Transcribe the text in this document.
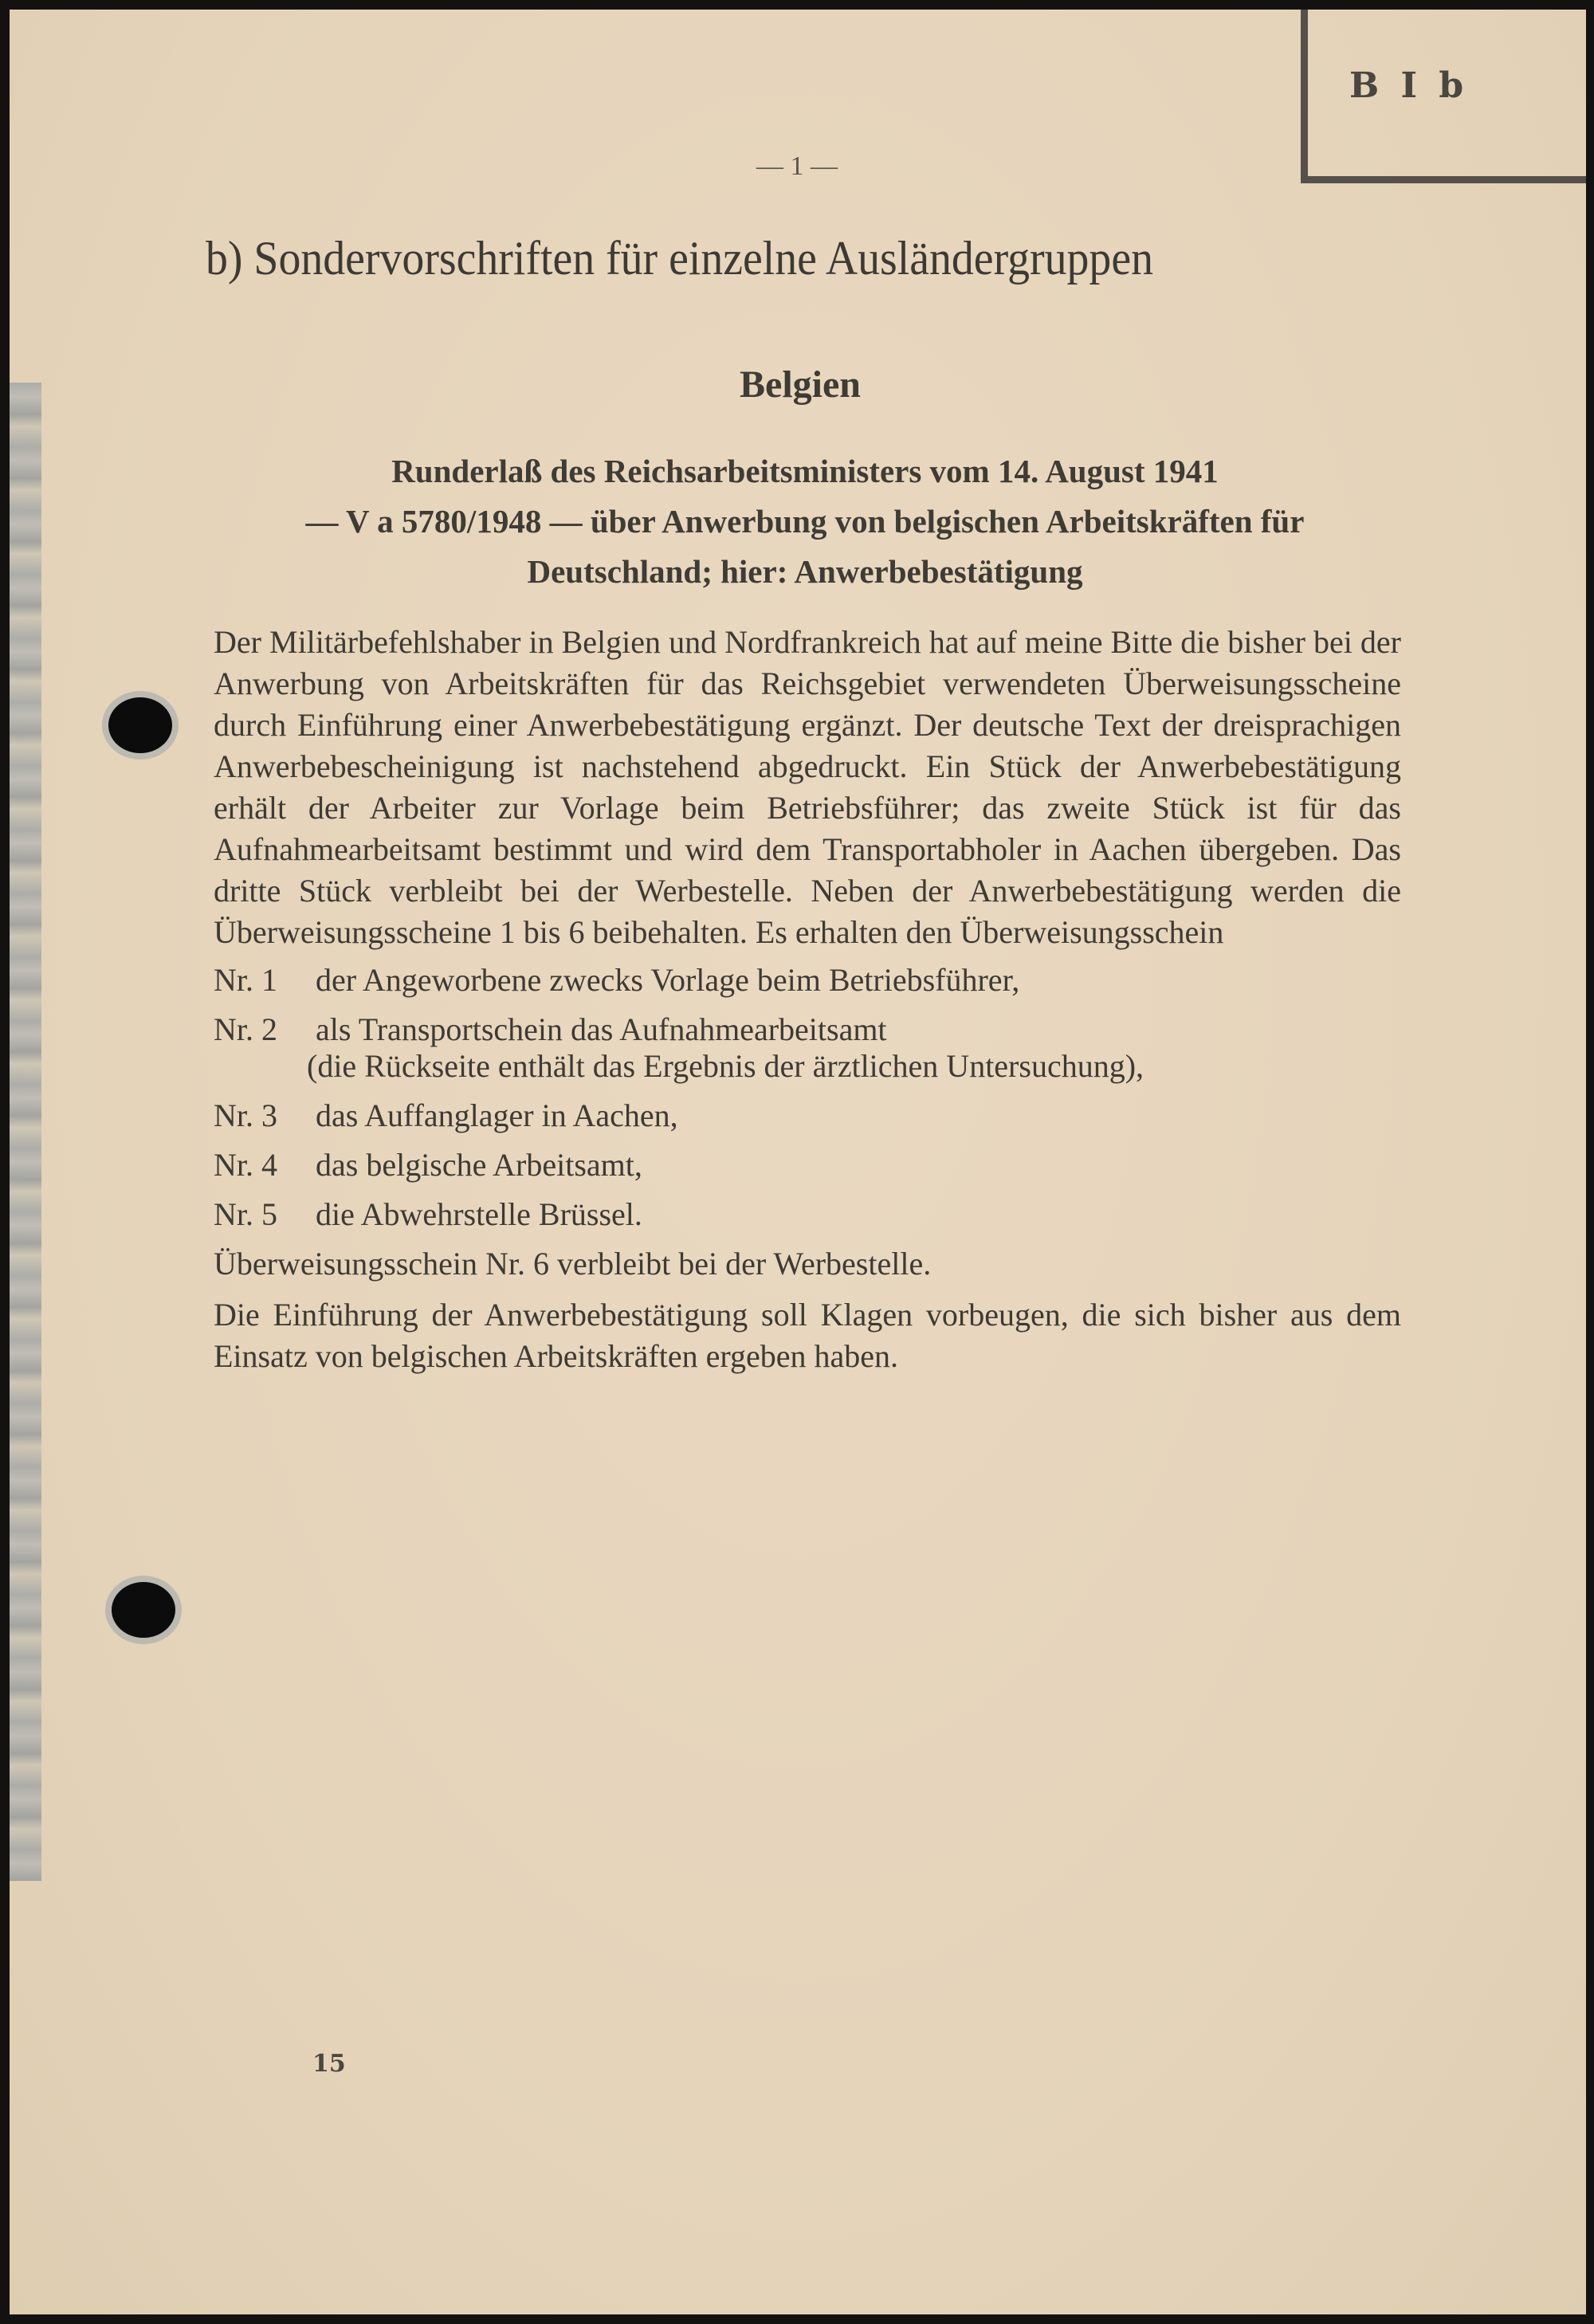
B I b
— 1 —
b) Sondervorschriften für einzelne Ausländergruppen
Belgien
Runderlaß des Reichsarbeitsministers vom 14. August 1941
— V a 5780/1948 — über Anwerbung von belgischen Arbeitskräften für
Deutschland; hier: Anwerbebestätigung

Der Militärbefehlshaber in Belgien und Nordfrankreich hat auf meine Bitte die bisher bei der Anwerbung von Arbeitskräften für das Reichsgebiet verwendeten Überweisungsscheine durch Einführung einer Anwerbebestätigung ergänzt. Der deutsche Text der dreisprachigen Anwerbebescheinigung ist nachstehend abgedruckt. Ein Stück der Anwerbebestätigung erhält der Arbeiter zur Vorlage beim Betriebsführer; das zweite Stück ist für das Aufnahmearbeitsamt bestimmt und wird dem Transportabholer in Aachen übergeben. Das dritte Stück verbleibt bei der Werbestelle. Neben der Anwerbebestätigung werden die Überweisungsscheine 1 bis 6 beibehalten. Es erhalten den Überweisungsschein

Nr. 1 der Angeworbene zwecks Vorlage beim Betriebsführer,
Nr. 2 als Transportschein das Aufnahmearbeitsamt
(die Rückseite enthält das Ergebnis der ärztlichen Untersuchung),
Nr. 3 das Auffanglager in Aachen,
Nr. 4 das belgische Arbeitsamt,
Nr. 5 die Abwehrstelle Brüssel.

Überweisungsschein Nr. 6 verbleibt bei der Werbestelle.

Die Einführung der Anwerbebestätigung soll Klagen vorbeugen, die sich bisher aus dem Einsatz von belgischen Arbeitskräften ergeben haben.

15
